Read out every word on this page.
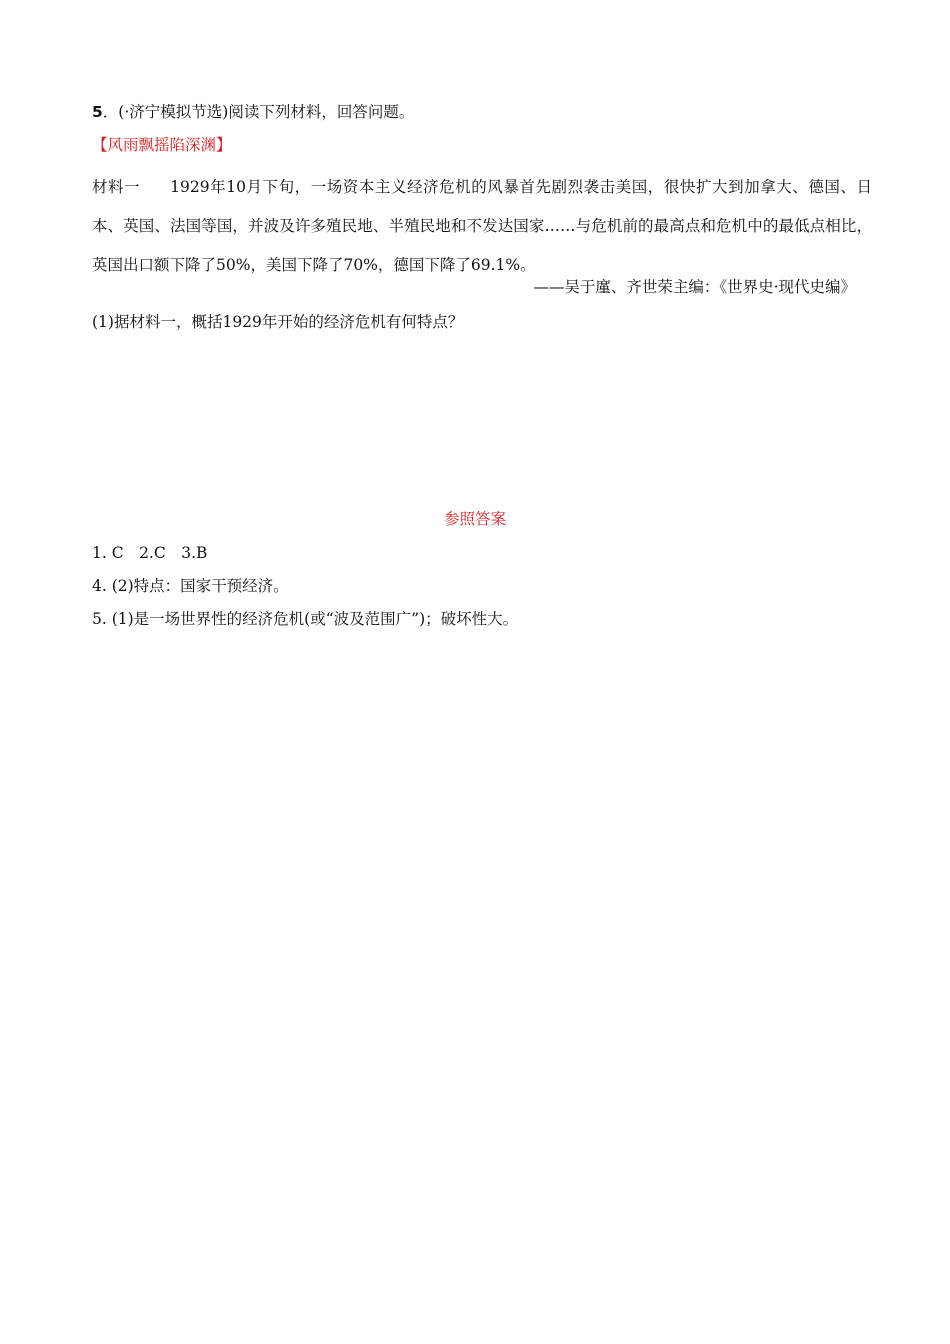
5．(·济宁模拟节选)阅读下列材料，回答问题。
【风雨飘摇陷深渊】
材料一 1929年10月下旬，一场资本主义经济危机的风暴首先剧烈袭击美国，很快扩大到加拿大、德国、日本、英国、法国等国，并波及许多殖民地、半殖民地和不发达国家……与危机前的最高点和危机中的最低点相比，英国出口额下降了50%，美国下降了70%，德国下降了69.1%。
——吴于廑、齐世荣主编：《世界史·现代史编》
(1)据材料一，概括1929年开始的经济危机有何特点？
参照答案
1. C　2.C　3.B
4. (2)特点：国家干预经济。
5. (1)是一场世界性的经济危机(或“波及范围广”)；破坏性大。
